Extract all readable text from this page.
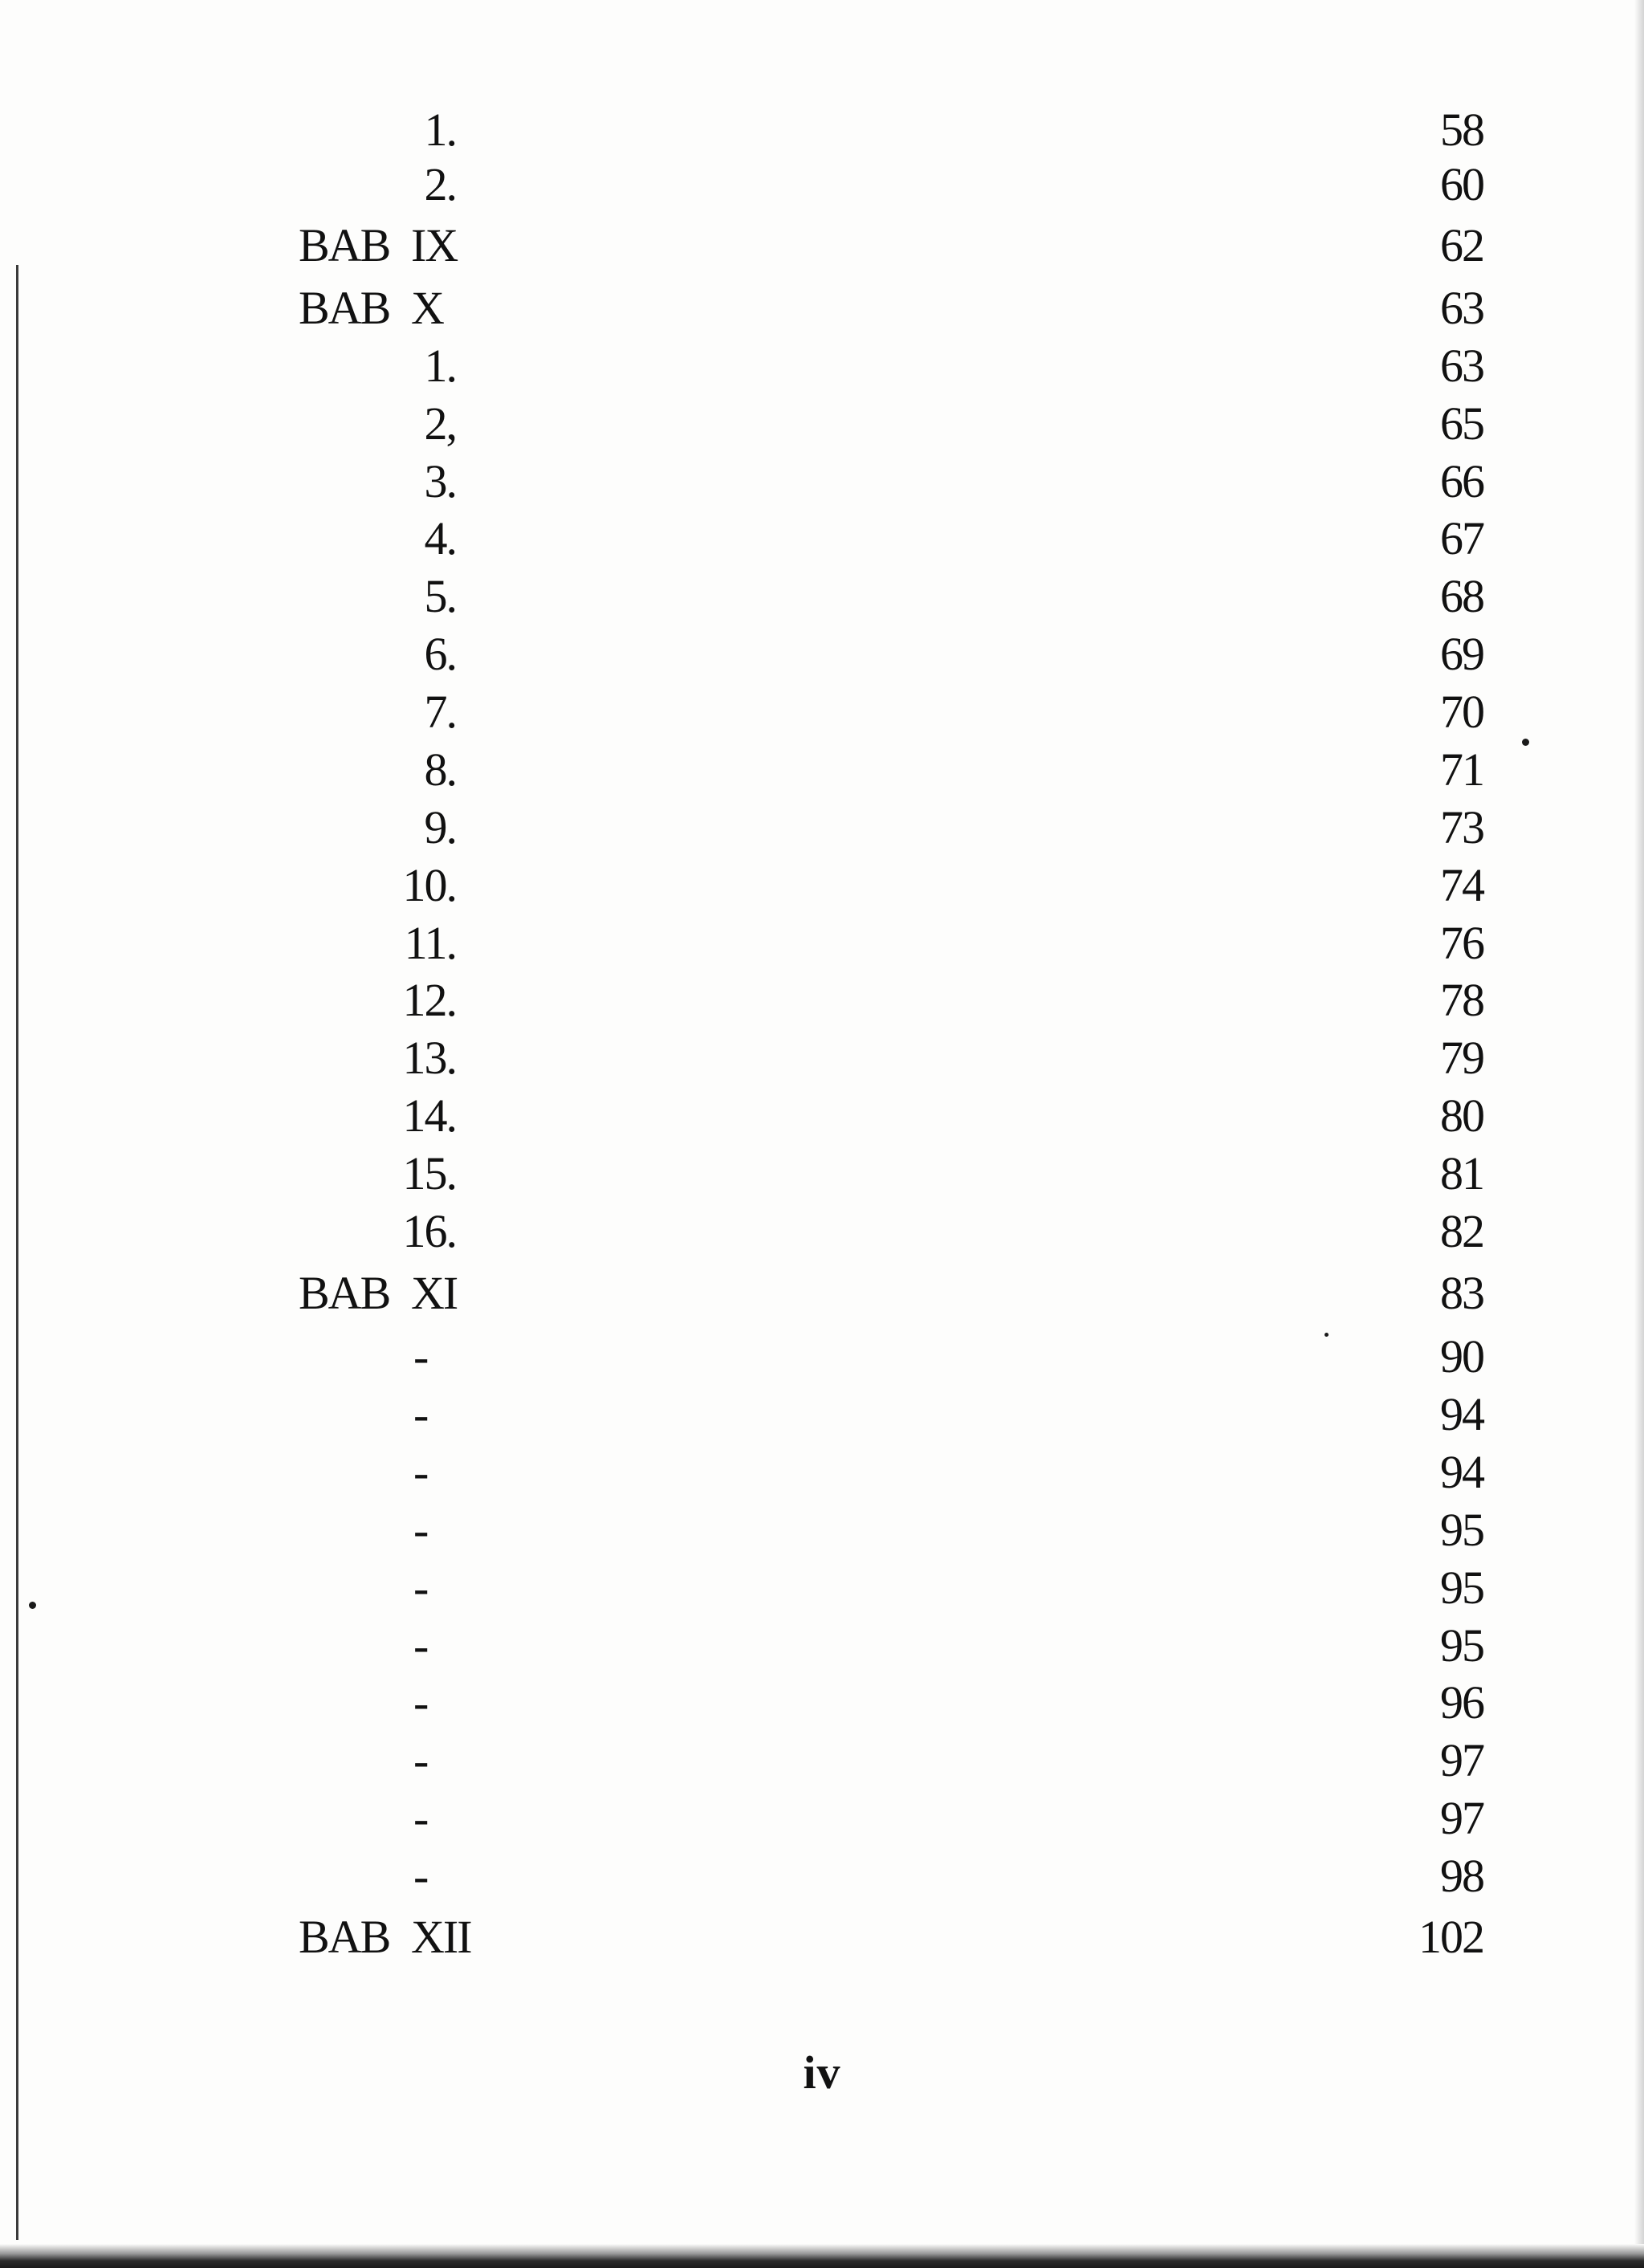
1.	58
2.	60
BAB IX	62
BAB X	63
1.	63
2,	65
3.	66
4.	67
5.	68
6.	69
7.	70
8.	71
9.	73
10.	74
11.	76
12.	78
13.	79
14.	80
15.	81
16.	82
BAB XI	83
-	90
-	94
-	94
-	95
-	95
-	95
-	96
-	97
-	97
-	98
BAB XII	102
iv
